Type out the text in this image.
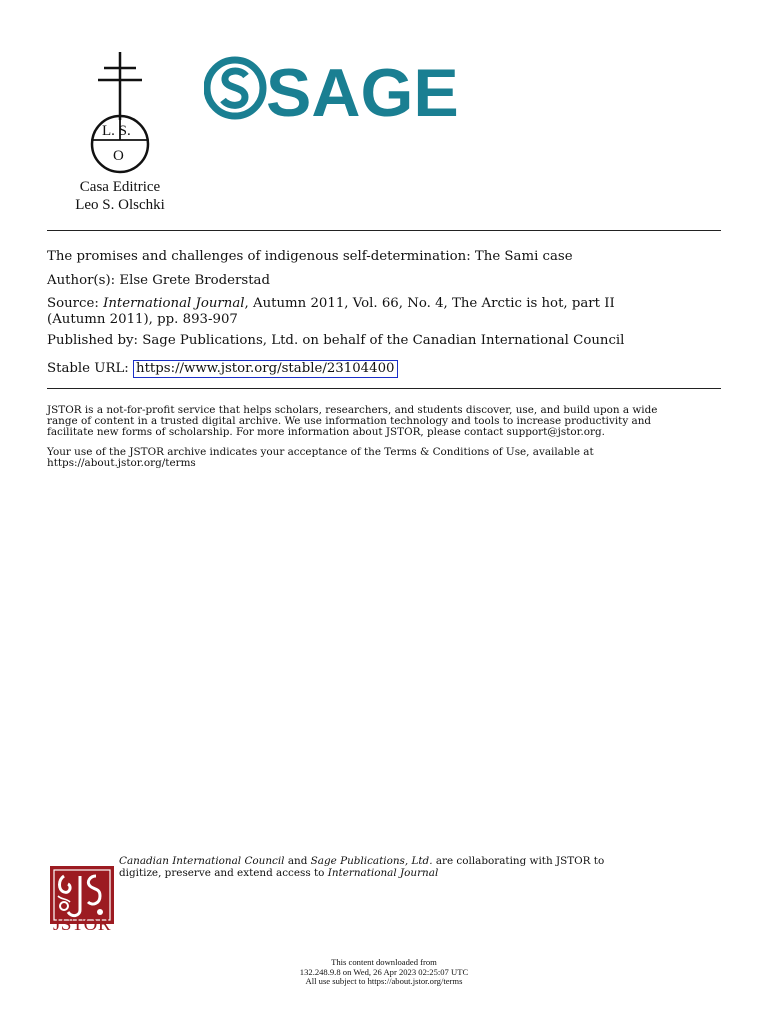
L. S.
O
Casa Editrice
Leo S. Olschki
SAGE
The promises and challenges of indigenous self-determination: The Sami case
Author(s): Else Grete Broderstad
Source: International Journal, Autumn 2011, Vol. 66, No. 4, The Arctic is hot, part II
(Autumn 2011), pp. 893-907
Published by: Sage Publications, Ltd. on behalf of the Canadian International Council
Stable URL: https://www.jstor.org/stable/23104400
JSTOR is a not-for-profit service that helps scholars, researchers, and students discover, use, and build upon a wide
range of content in a trusted digital archive. We use information technology and tools to increase productivity and
facilitate new forms of scholarship. For more information about JSTOR, please contact support@jstor.org.
Your use of the JSTOR archive indicates your acceptance of the Terms & Conditions of Use, available at
https://about.jstor.org/terms
JSTOR
Canadian International Council and Sage Publications, Ltd. are collaborating with JSTOR to
digitize, preserve and extend access to International Journal
This content downloaded from
132.248.9.8 on Wed, 26 Apr 2023 02:25:07 UTC
All use subject to https://about.jstor.org/terms
